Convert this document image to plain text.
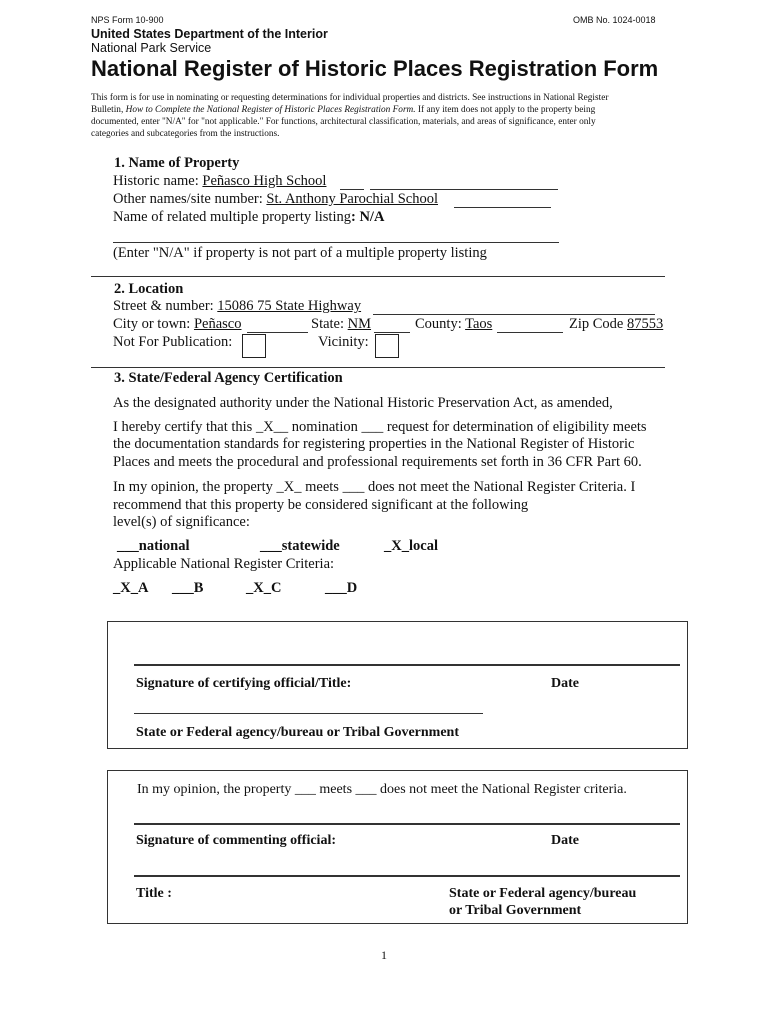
NPS Form 10-900	OMB No. 1024-0018
United States Department of the Interior
National Park Service
National Register of Historic Places Registration Form
This form is for use in nominating or requesting determinations for individual properties and districts. See instructions in National Register
Bulletin, How to Complete the National Register of Historic Places Registration Form. If any item does not apply to the property being
documented, enter "N/A" for "not applicable." For functions, architectural classification, materials, and areas of significance, enter only
categories and subcategories from the instructions.
1. Name of Property
Historic name: Peñasco High School
Other names/site number: St. Anthony Parochial School
Name of related multiple property listing: N/A
(Enter "N/A" if property is not part of a multiple property listing
2. Location
Street & number: 15086 75 State Highway
City or town: Peñasco	State: NM	County: Taos	Zip Code 87553
Not For Publication:	Vicinity:
3. State/Federal Agency Certification
As the designated authority under the National Historic Preservation Act, as amended,
I hereby certify that this _X__ nomination ___ request for determination of eligibility meets
the documentation standards for registering properties in the National Register of Historic
Places and meets the procedural and professional requirements set forth in 36 CFR Part 60.
In my opinion, the property _X_ meets ___ does not meet the National Register Criteria. I
recommend that this property be considered significant at the following
level(s) of significance:
___national	___statewide	_X_local
Applicable National Register Criteria:
_X_A ___B	_X_C	___D
Signature of certifying official/Title:	Date
State or Federal agency/bureau or Tribal Government
In my opinion, the property ___ meets ___ does not meet the National Register criteria.
Signature of commenting official:	Date
Title :	State or Federal agency/bureau
or Tribal Government
1
